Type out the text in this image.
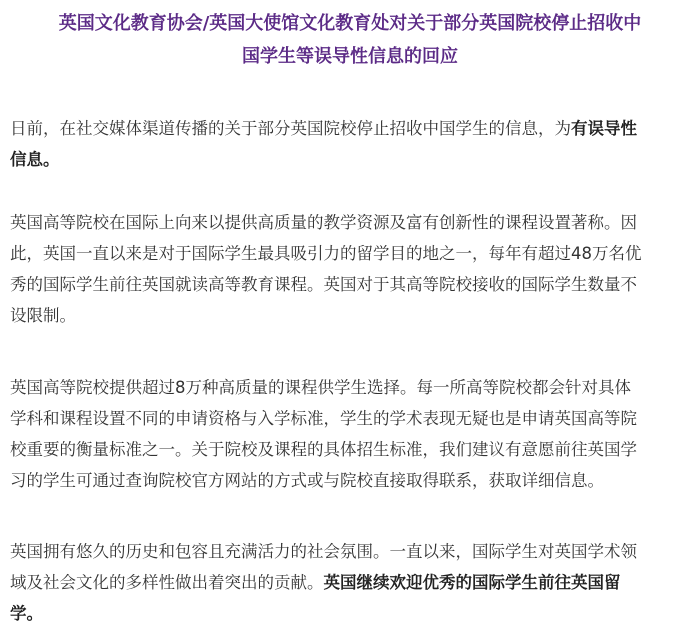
英国文化教育协会/英国大使馆文化教育处对关于部分英国院校停止招收中
国学生等误导性信息的回应
日前，在社交媒体渠道传播的关于部分英国院校停止招收中国学生的信息，为有误导性
信息。
英国高等院校在国际上向来以提供高质量的教学资源及富有创新性的课程设置著称。因
此，英国一直以来是对于国际学生最具吸引力的留学目的地之一，每年有超过48万名优
秀的国际学生前往英国就读高等教育课程。英国对于其高等院校接收的国际学生数量不
设限制。
英国高等院校提供超过8万种高质量的课程供学生选择。每一所高等院校都会针对具体
学科和课程设置不同的申请资格与入学标准，学生的学术表现无疑也是申请英国高等院
校重要的衡量标准之一。关于院校及课程的具体招生标准，我们建议有意愿前往英国学
习的学生可通过查询院校官方网站的方式或与院校直接取得联系，获取详细信息。
英国拥有悠久的历史和包容且充满活力的社会氛围。一直以来，国际学生对英国学术领
域及社会文化的多样性做出着突出的贡献。英国继续欢迎优秀的国际学生前往英国留
学。
